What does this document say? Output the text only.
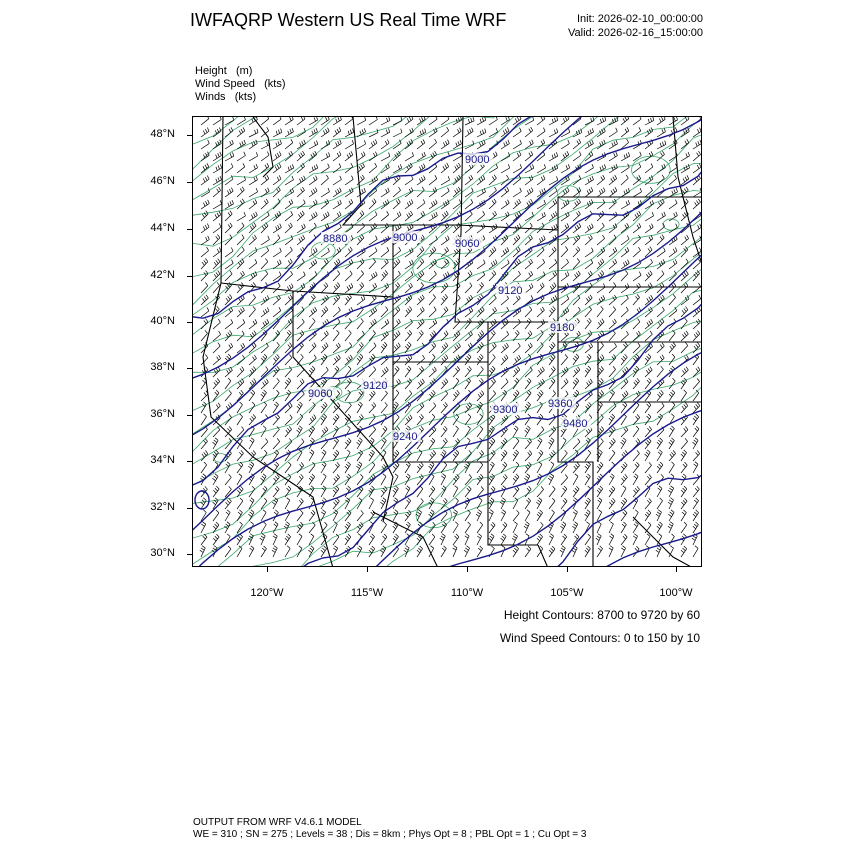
IWFAQRP Western US Real Time WRF	Init: 2026-02-10_00:00:00
Valid: 2026-02-16_15:00:00
Height (m)
Wind Speed (kts)
Winds (kts)
48°N
46°N
44°N
42°N
40°N
38°N
36°N
34°N
32°N
30°N
120°W	115°W	110°W	105°W	100°W
9000
8880	9000	9060
9120
9180
9060
9120
9240
9300	9360
9480
Height Contours: 8700 to 9720 by 60
Wind Speed Contours: 0 to 150 by 10
OUTPUT FROM WRF V4.6.1 MODEL
WE = 310 ; SN = 275 ; Levels = 38 ; Dis = 8km ; Phys Opt = 8 ; PBL Opt = 1 ; Cu Opt = 3
